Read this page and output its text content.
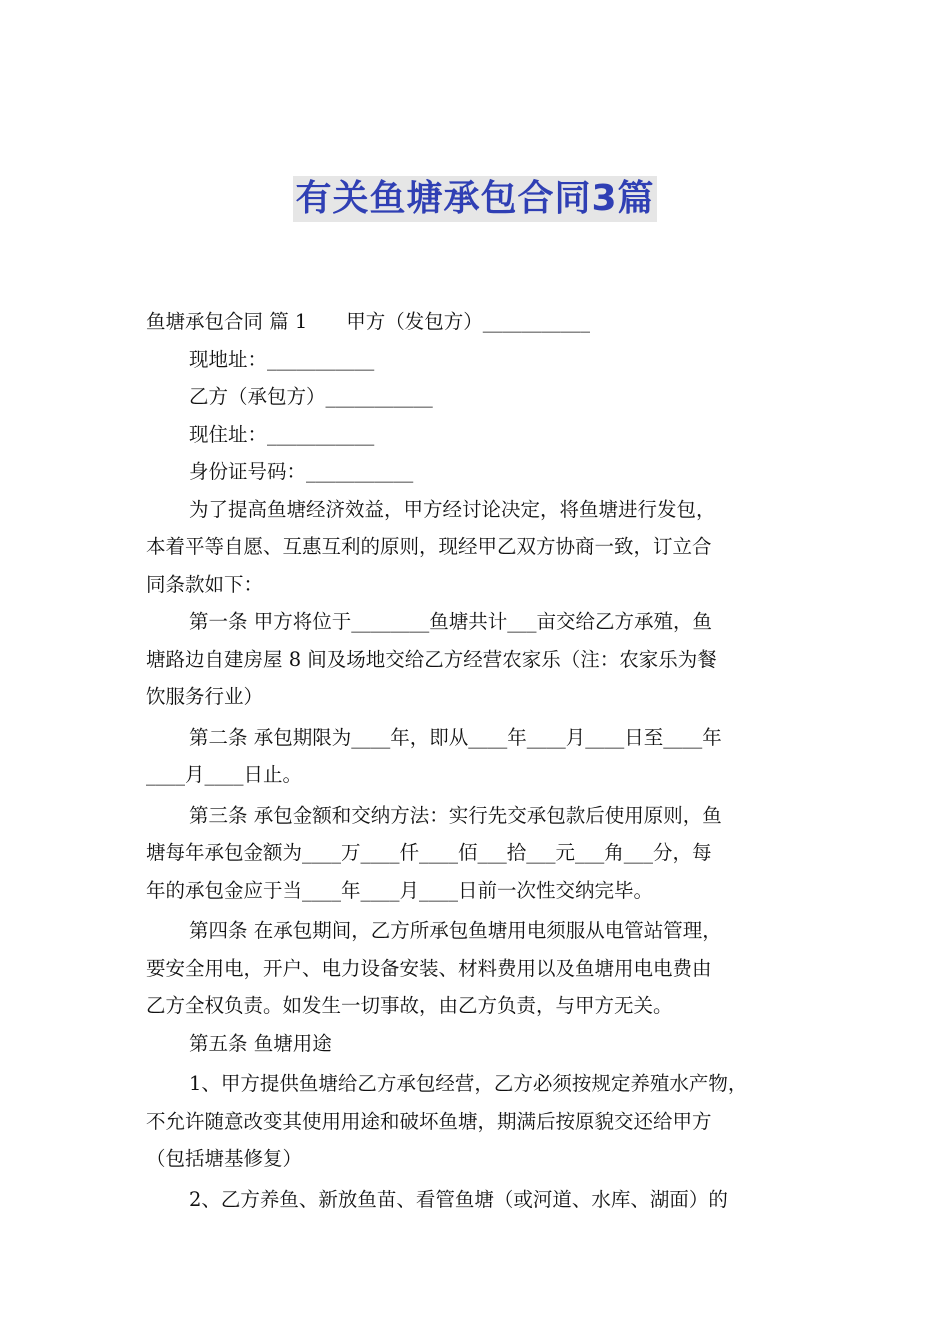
有关鱼塘承包合同3篇
鱼塘承包合同 篇 1　　甲方（发包方）___________
现地址：___________
乙方（承包方）___________
现住址：___________
身份证号码：___________
为了提高鱼塘经济效益，甲方经讨论决定，将鱼塘进行发包，
本着平等自愿、互惠互利的原则，现经甲乙双方协商一致，订立合
同条款如下：
第一条 甲方将位于________鱼塘共计___亩交给乙方承殖，鱼
塘路边自建房屋 8 间及场地交给乙方经营农家乐（注：农家乐为餐
饮服务行业）
第二条 承包期限为____年，即从____年____月____日至____年
____月____日止。
第三条 承包金额和交纳方法：实行先交承包款后使用原则，鱼
塘每年承包金额为____万____仟____佰___拾___元___角___分，每
年的承包金应于当____年____月____日前一次性交纳完毕。
第四条 在承包期间，乙方所承包鱼塘用电须服从电管站管理，
要安全用电，开户、电力设备安装、材料费用以及鱼塘用电电费由
乙方全权负责。如发生一切事故，由乙方负责，与甲方无关。
第五条 鱼塘用途
1、甲方提供鱼塘给乙方承包经营，乙方必须按规定养殖水产物，
不允许随意改变其使用用途和破坏鱼塘，期满后按原貌交还给甲方
（包括塘基修复）
2、乙方养鱼、新放鱼苗、看管鱼塘（或河道、水库、湖面）的
